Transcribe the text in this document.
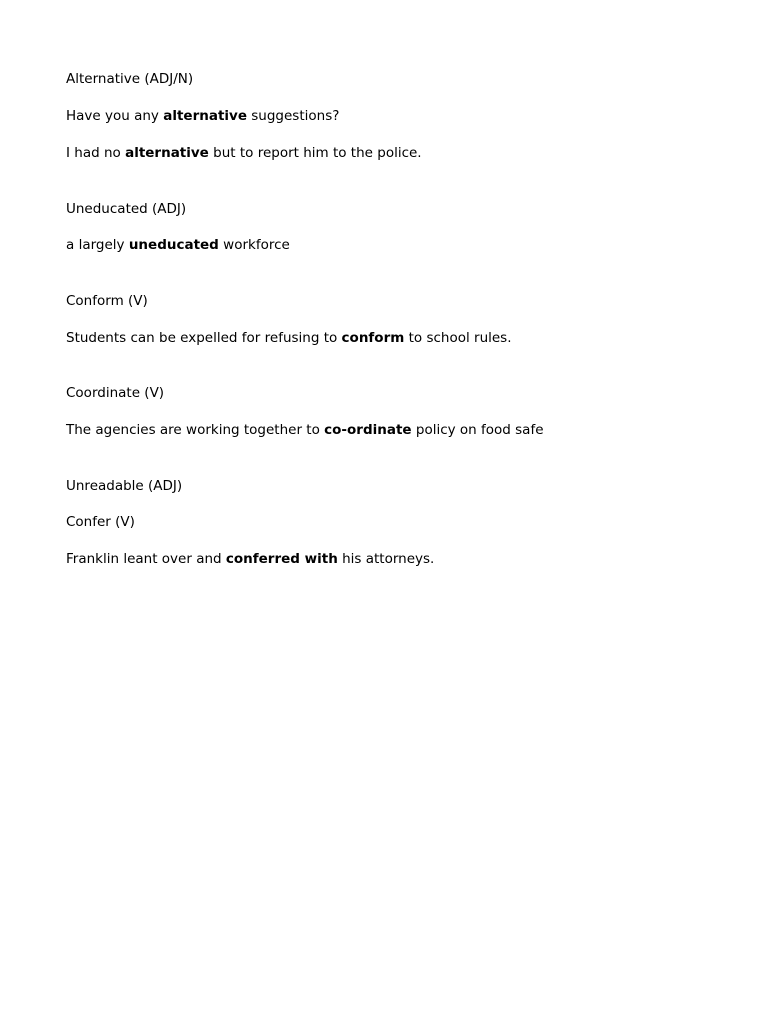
Alternative (ADJ/N)
Have you any alternative suggestions?
I had no alternative but to report him to the police.
Uneducated (ADJ)
a largely uneducated workforce
Conform (V)
Students can be expelled for refusing to conform to school rules.
Coordinate (V)
The agencies are working together to co-ordinate policy on food safe
Unreadable (ADJ)
Confer (V)
Franklin leant over and conferred with his attorneys.
